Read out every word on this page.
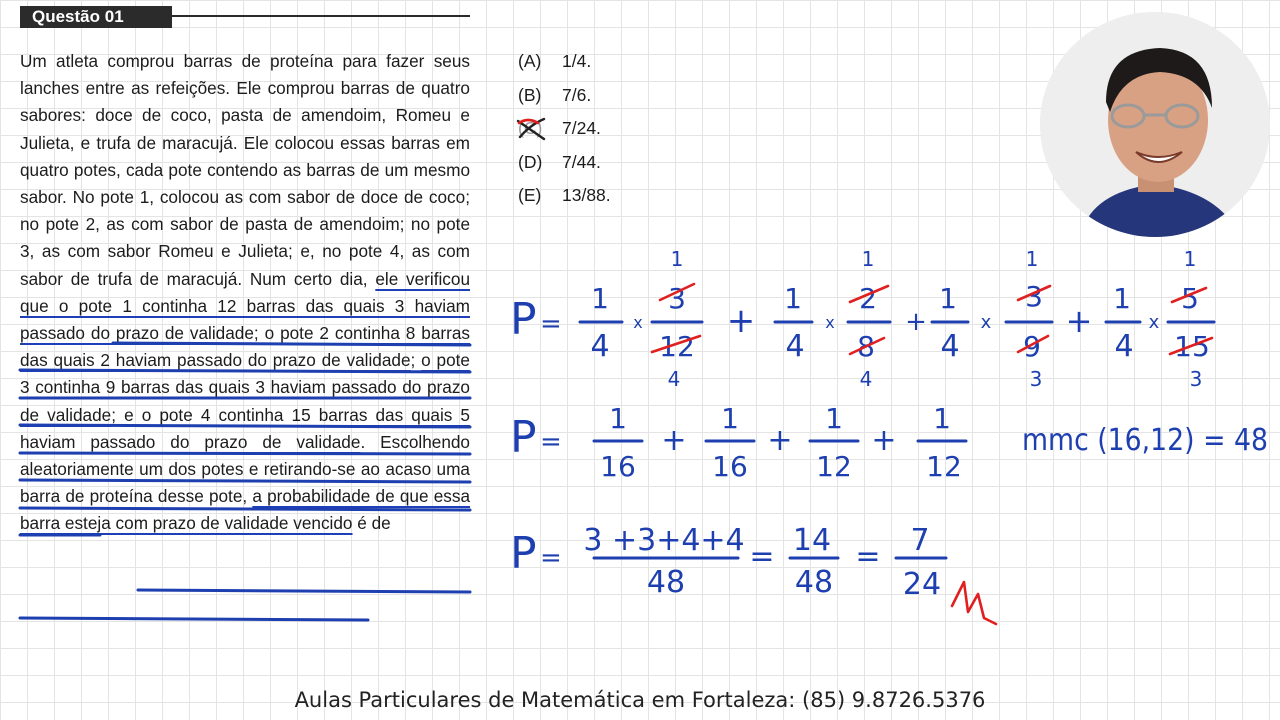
Questão 01

Um atleta comprou barras de proteína para fazer seus lanches entre as refeições. Ele comprou barras de quatro sabores: doce de coco, pasta de amendoim, Romeu e Julieta, e trufa de maracujá. Ele colocou essas barras em quatro potes, cada pote contendo as barras de um mesmo sabor. No pote 1, colocou as com sabor de doce de coco; no pote 2, as com sabor de pasta de amendoim; no pote 3, as com sabor Romeu e Julieta; e, no pote 4, as com sabor de trufa de maracujá. Num certo dia, ele verificou que o pote 1 continha 12 barras das quais 3 haviam passado do prazo de validade; o pote 2 continha 8 barras das quais 2 haviam passado do prazo de validade; o pote 3 continha 9 barras das quais 3 haviam passado do prazo de validade; e o pote 4 continha 15 barras das quais 5 haviam passado do prazo de validade. Escolhendo aleatoriamente um dos potes e retirando-se ao acaso uma barra de proteína desse pote, a probabilidade de que essa barra esteja com prazo de validade vencido é de

(A)	1/4.
(B)	7/6.
(C)	7/24.
(D)	7/44.
(E)	13/88.
P =
1
4
x
1
3
12
4
+
1
4
x
1
2
8
4
+
1
4
x
1
3
9
3
+
1
4
x
1
5
15
3
P =
1
16
+
1
16
+
1
12
+
1
12
mmc (16,12) = 48
P = 3 +3+4+4
48
= 14
48
= 7
24
Aulas Particulares de Matemática em Fortaleza: (85) 9.8726.5376
